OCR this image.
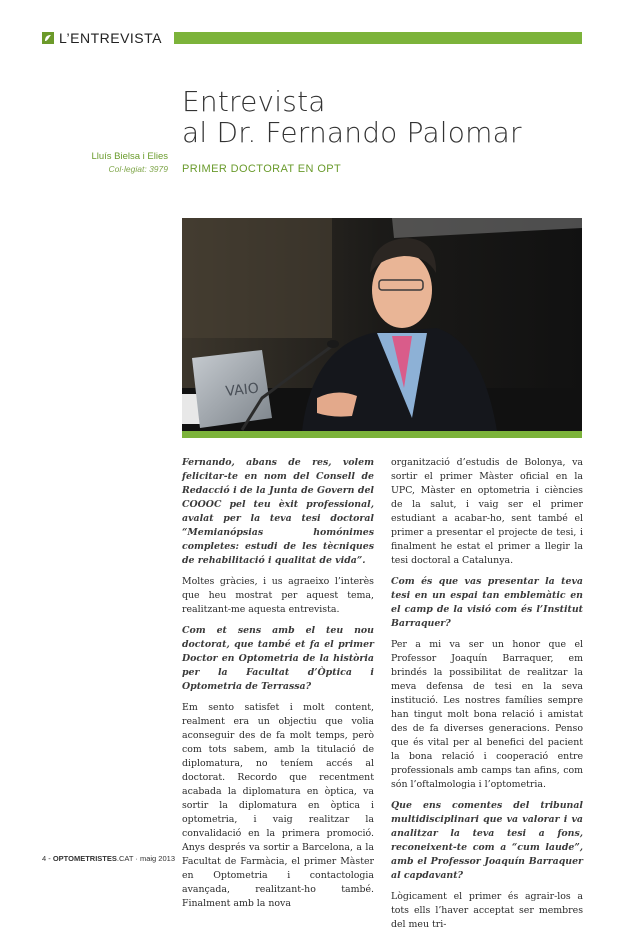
L’ENTREVISTA
Entrevista
al Dr. Fernando Palomar
Lluís Bielsa i Elies
Col·legiat: 3979 PRIMER DOCTORAT EN OPT
VAIO

Fernando, abans de res, volem felicitar-te en nom del Consell de Redacció i de la Junta de Govern del COOOC pel teu èxit professional, avalat per la teva tesi doctoral “Memianópsias homónimes completes: estudi de les tècniques de rehabilitació i qualitat de vida”.

Moltes gràcies, i us agraeixo l’interès que heu mostrat per aquest tema, realitzant-me aquesta entrevista.

Com et sens amb el teu nou doctorat, que també et fa el primer Doctor en Optometria de la història per la Facultat d’Òptica i Optometria de Terrassa?

Em sento satisfet i molt content, realment era un objectiu que volia aconseguir des de fa molt temps, però com tots sabem, amb la titulació de diplomatura, no teníem accés al doctorat. Recordo que recentment acabada la diplomatura en òptica, va sortir la diplomatura en òptica i optometria, i vaig realitzar la convalidació en la primera promoció. Anys després va sortir a Barcelona, a la Facultat de Farmàcia, el primer Màster en Optometria i contactologia avançada, realitzant-ho també. Finalment amb la nova

organització d’estudis de Bolonya, va sortir el primer Màster oficial en la UPC, Màster en optometria i ciències de la salut, i vaig ser el primer estudiant a acabar-ho, sent també el primer a presentar el projecte de tesi, i finalment he estat el primer a llegir la tesi doctoral a Catalunya.

Com és que vas presentar la teva tesi en un espai tan emblemàtic en el camp de la visió com és l’Institut Barraquer?

Per a mi va ser un honor que el Professor Joaquín Barraquer, em brindés la possibilitat de realitzar la meva defensa de tesi en la seva institució. Les nostres famílies sempre han tingut molt bona relació i amistat des de fa diverses generacions. Penso que és vital per al benefici del pacient la bona relació i cooperació entre professionals amb camps tan afins, com són l’oftalmologia i l’optometria.

Que ens comentes del tribunal multidisciplinari que va valorar i va analitzar la teva tesi a fons, reconeixent-te com a “cum laude”, amb el Professor Joaquín Barraquer al capdavant?

Lògicament el primer és agrair-los a tots ells l’haver acceptat ser membres del meu tri-

4 - OPTOMETRISTES.CAT · maig 2013
